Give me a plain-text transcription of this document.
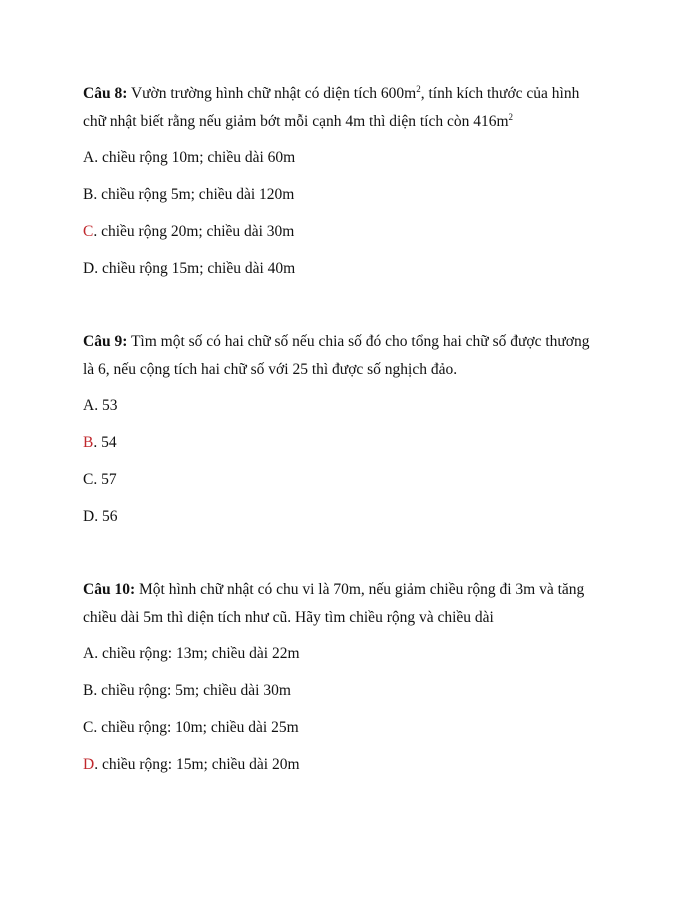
Câu 8: Vườn trường hình chữ nhật có diện tích $600m^2$, tính kích thước của hình
chữ nhật biết rằng nếu giảm bớt mỗi cạnh 4m thì diện tích còn $416m^2$
A. chiều rộng 10m; chiều dài 60m
B. chiều rộng 5m; chiều dài 120m
C. chiều rộng 20m; chiều dài 30m
D. chiều rộng 15m; chiều dài 40m
Câu 9: Tìm một số có hai chữ số nếu chia số đó cho tổng hai chữ số được thương
là 6, nếu cộng tích hai chữ số với 25 thì được số nghịch đảo.
A. 53
B. 54
C. 57
D. 56
Câu 10: Một hình chữ nhật có chu vi là 70m, nếu giảm chiều rộng đi 3m và tăng
chiều dài 5m thì diện tích như cũ. Hãy tìm chiều rộng và chiều dài
A. chiều rộng: 13m; chiều dài 22m
B. chiều rộng: 5m; chiều dài 30m
C. chiều rộng: 10m; chiều dài 25m
D. chiều rộng: 15m; chiều dài 20m
